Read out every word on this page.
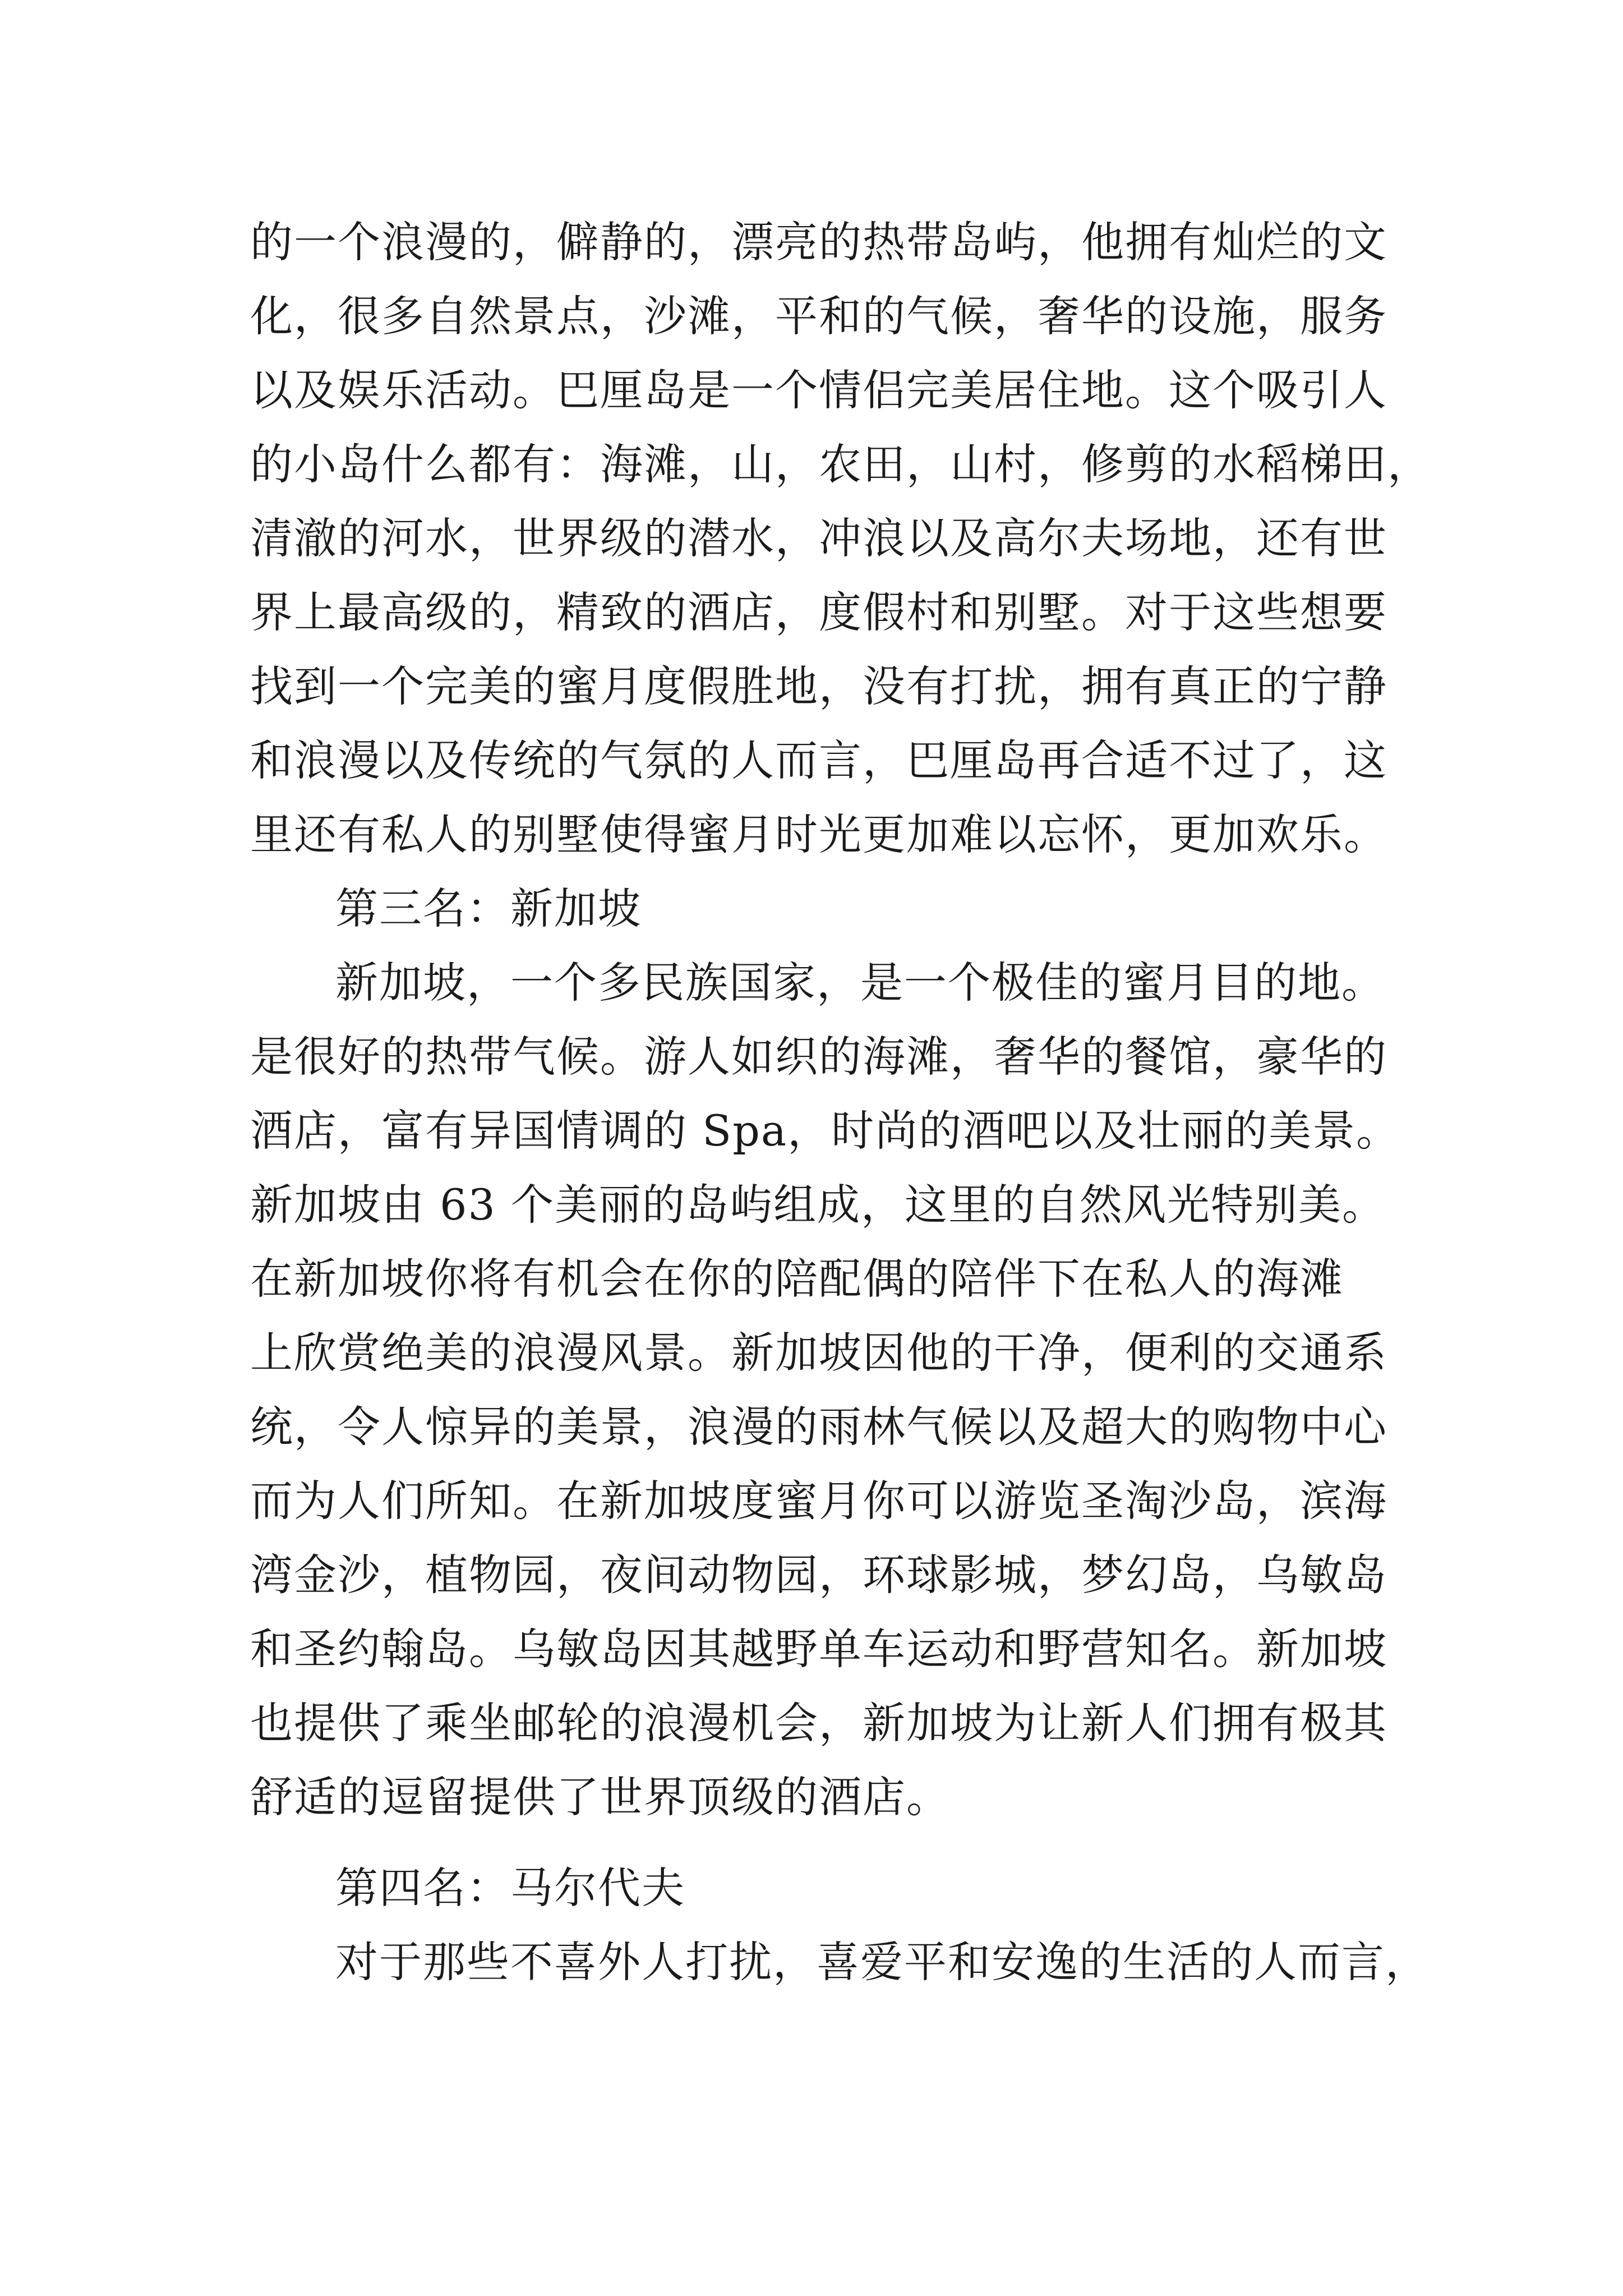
的一个浪漫的，僻静的，漂亮的热带岛屿，他拥有灿烂的文
化，很多自然景点，沙滩，平和的气候，奢华的设施，服务
以及娱乐活动。巴厘岛是一个情侣完美居住地。这个吸引人
的小岛什么都有：海滩，山，农田，山村，修剪的水稻梯田，
清澈的河水，世界级的潜水，冲浪以及高尔夫场地，还有世
界上最高级的，精致的酒店，度假村和别墅。对于这些想要
找到一个完美的蜜月度假胜地，没有打扰，拥有真正的宁静
和浪漫以及传统的气氛的人而言，巴厘岛再合适不过了，这
里还有私人的别墅使得蜜月时光更加难以忘怀，更加欢乐。
第三名：新加坡
新加坡，一个多民族国家，是一个极佳的蜜月目的地。
是很好的热带气候。游人如织的海滩，奢华的餐馆，豪华的
酒店，富有异国情调的 Spa，时尚的酒吧以及壮丽的美景。
新加坡由 63 个美丽的岛屿组成，这里的自然风光特别美。
在新加坡你将有机会在你的陪配偶的陪伴下在私人的海滩
上欣赏绝美的浪漫风景。新加坡因他的干净，便利的交通系
统，令人惊异的美景，浪漫的雨林气候以及超大的购物中心
而为人们所知。在新加坡度蜜月你可以游览圣淘沙岛，滨海
湾金沙，植物园，夜间动物园，环球影城，梦幻岛，乌敏岛
和圣约翰岛。乌敏岛因其越野单车运动和野营知名。新加坡
也提供了乘坐邮轮的浪漫机会，新加坡为让新人们拥有极其
舒适的逗留提供了世界顶级的酒店。
第四名：马尔代夫
对于那些不喜外人打扰，喜爱平和安逸的生活的人而言，
